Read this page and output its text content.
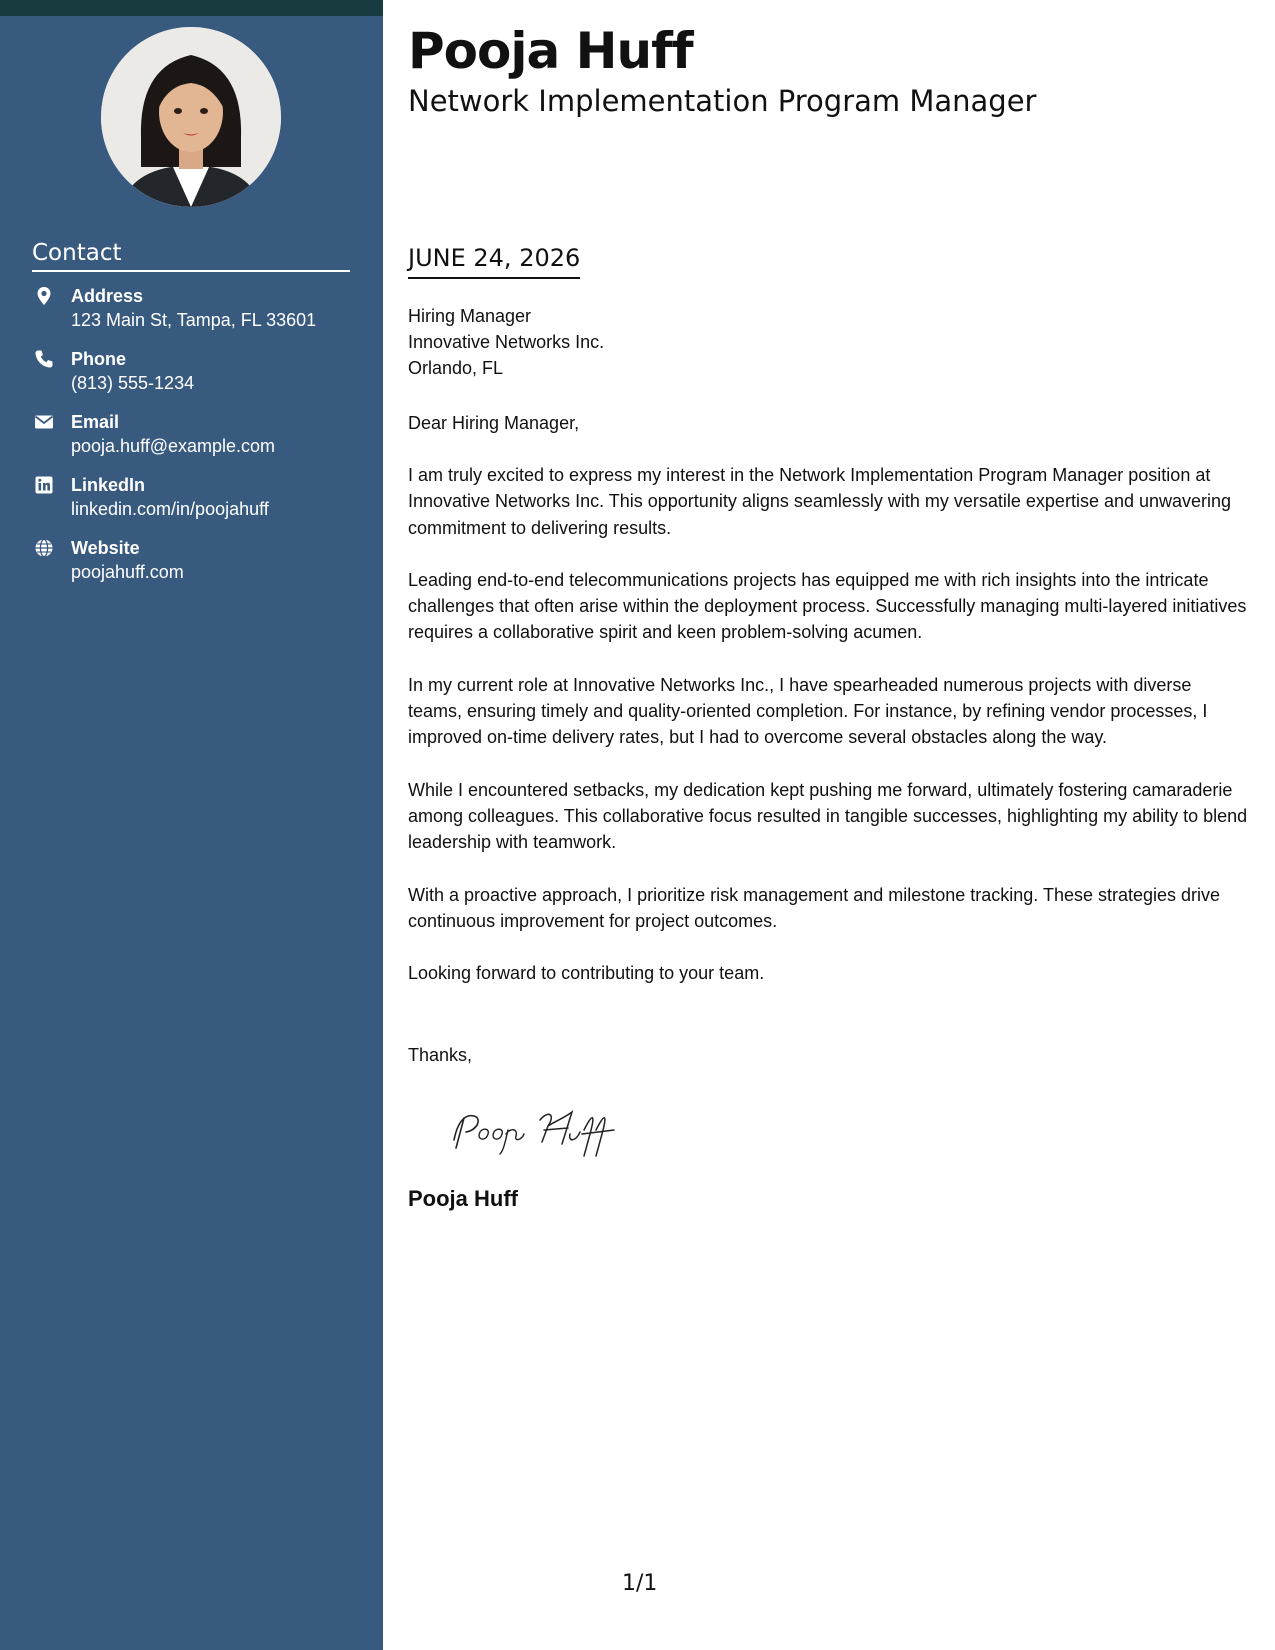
Contact
Address
123 Main St, Tampa, FL 33601
Phone
(813) 555-1234
Email
pooja.huff@example.com
LinkedIn
linkedin.com/in/poojahuff
Website
poojahuff.com
Pooja Huff
Network Implementation Program Manager
JUNE 24, 2026
Hiring Manager
Innovative Networks Inc.
Orlando, FL
Dear Hiring Manager,

I am truly excited to express my interest in the Network Implementation Program Manager position at Innovative Networks Inc. This opportunity aligns seamlessly with my versatile expertise and unwavering commitment to delivering results.

Leading end-to-end telecommunications projects has equipped me with rich insights into the intricate challenges that often arise within the deployment process. Successfully managing multi-layered initiatives requires a collaborative spirit and keen problem-solving acumen.

In my current role at Innovative Networks Inc., I have spearheaded numerous projects with diverse teams, ensuring timely and quality-oriented completion. For instance, by refining vendor processes, I improved on-time delivery rates, but I had to overcome several obstacles along the way.

While I encountered setbacks, my dedication kept pushing me forward, ultimately fostering camaraderie among colleagues. This collaborative focus resulted in tangible successes, highlighting my ability to blend leadership with teamwork.

With a proactive approach, I prioritize risk management and milestone tracking. These strategies drive continuous improvement for project outcomes.

Looking forward to contributing to your team.

Thanks,
Pooja Huff
1/1
